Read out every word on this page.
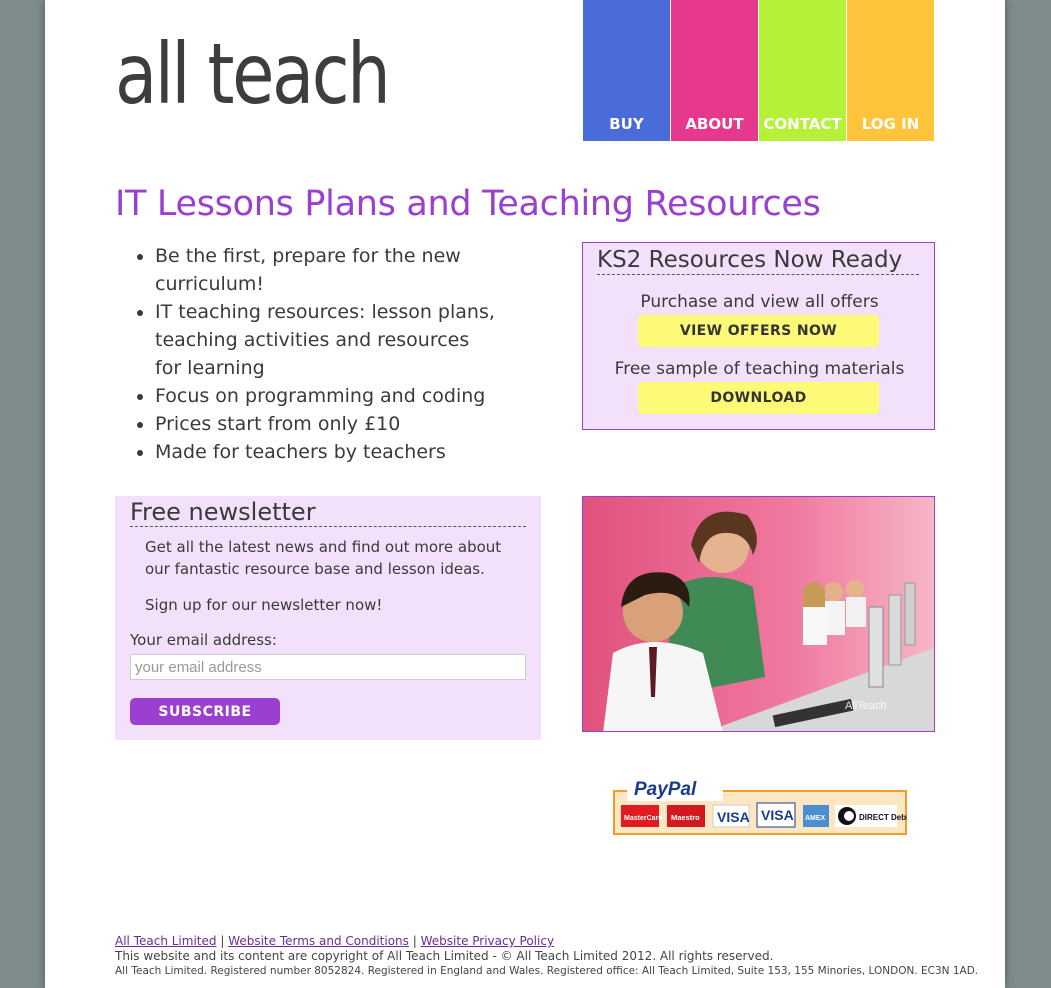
all teach
BUY	ABOUT	CONTACT	LOG IN
IT Lessons Plans and Teaching Resources
• Be the first, prepare for the new curriculum!
• IT teaching resources: lesson plans, teaching activities and resources for learning
• Focus on programming and coding
• Prices start from only £10
• Made for teachers by teachers
KS2 Resources Now Ready
Purchase and view all offers
VIEW OFFERS NOW
Free sample of teaching materials
DOWNLOAD
Free newsletter
Get all the latest news and find out more about our fantastic resource base and lesson ideas.
Sign up for our newsletter now!
Your email address:
your email address
SUBSCRIBE	AllTeach
PayPal
MasterCard Maestro VISA VISA AMEX	DIRECT Debit
All Teach Limited | Website Terms and Conditions | Website Privacy Policy
This website and its content are copyright of All Teach Limited - © All Teach Limited 2012. All rights reserved.
All Teach Limited. Registered number 8052824. Registered in England and Wales. Registered office: All Teach Limited, Suite 153, 155 Minories, LONDON. EC3N 1AD.
